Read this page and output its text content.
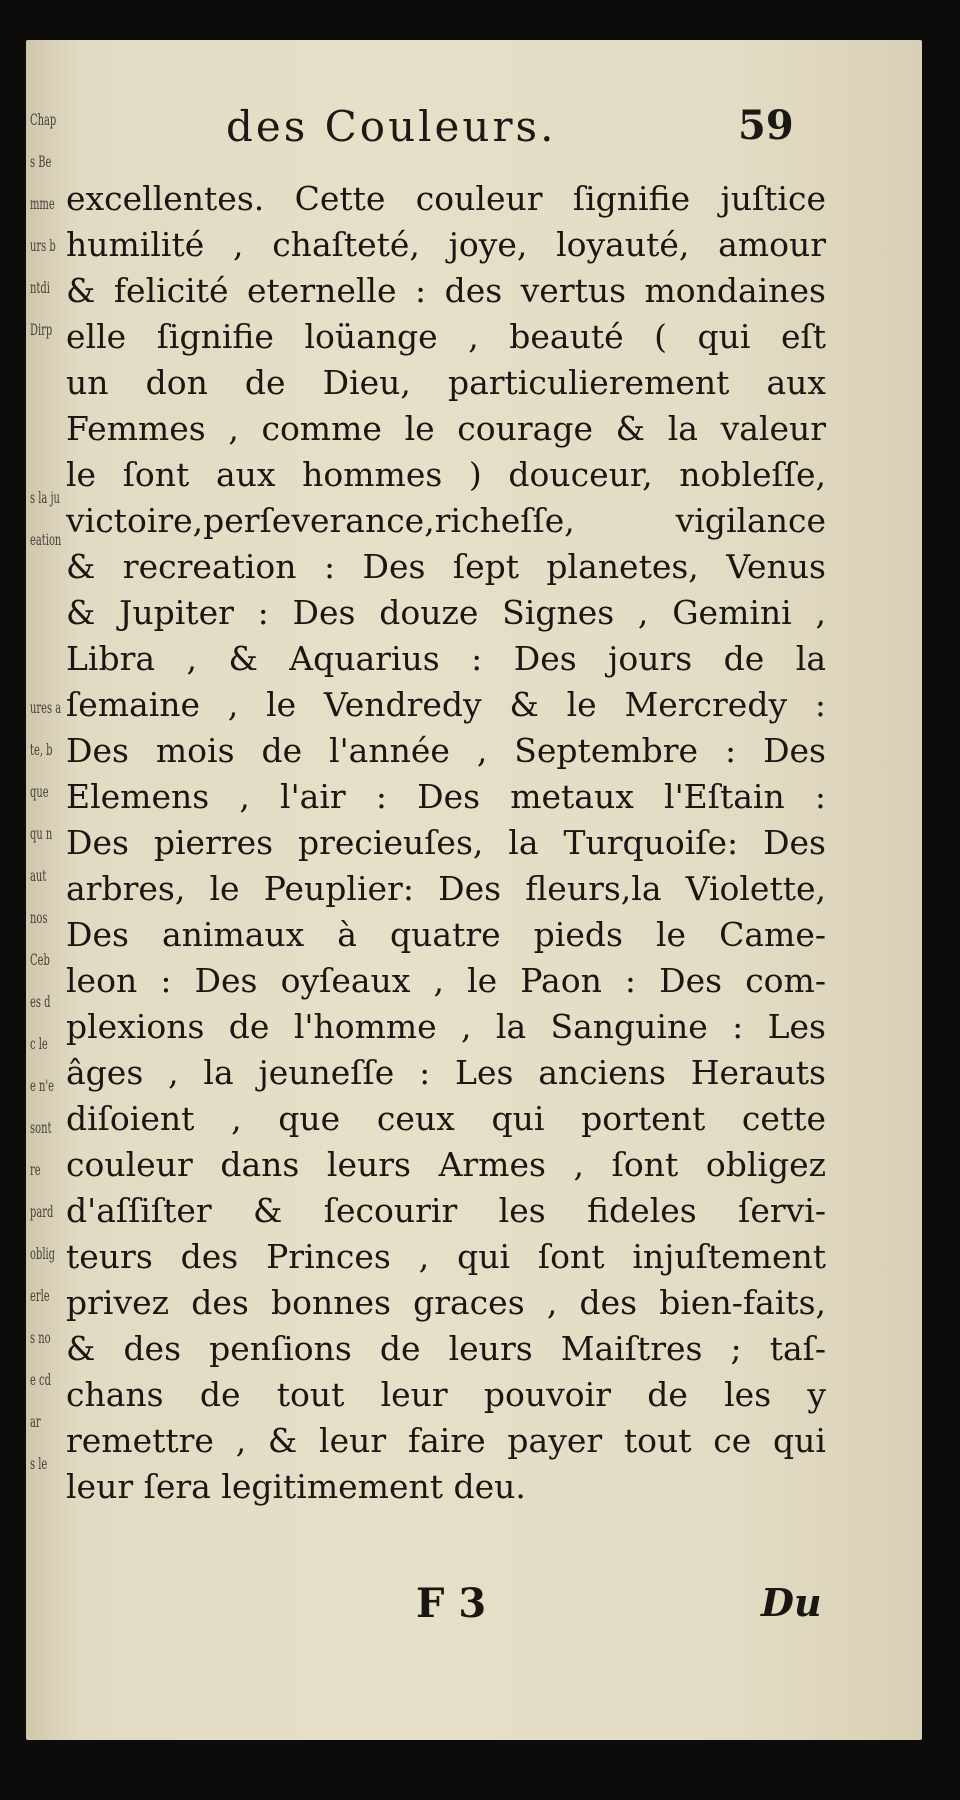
Chap
s Be
mme
urs b
ntdi
Dirp
s la ju
eation
ures a
te, b
que
qu n
aut
nos
Ceb
es d
c le
e n'e
sont
re
pard
oblig
erle
s no
e cd
ar
s le
des Couleurs.	59
excellentes. Cette couleur ſignifie juſtice
humilité , chaſteté, joye, loyauté, amour
& felicité eternelle : des vertus mondaines
elle ſignifie loüange , beauté ( qui eſt
un don de Dieu, particulierement aux
Femmes , comme le courage & la valeur
le ſont aux hommes ) douceur, nobleſſe,
victoire,perſeverance,richeſſe, vigilance
& recreation : Des ſept planetes, Venus
& Jupiter : Des douze Signes , Gemini ,
Libra , & Aquarius : Des jours de la
ſemaine , le Vendredy & le Mercredy :
Des mois de l'année , Septembre : Des
Elemens , l'air : Des metaux l'Eſtain :
Des pierres precieuſes, la Turquoiſe: Des
arbres, le Peuplier: Des fleurs,la Violette,
Des animaux à quatre pieds le Came-
leon : Des oyſeaux , le Paon : Des com-
plexions de l'homme , la Sanguine : Les
âges , la jeuneſſe : Les anciens Herauts
diſoient , que ceux qui portent cette
couleur dans leurs Armes , ſont obligez
d'aſſiſter & ſecourir les fideles ſervi-
teurs des Princes , qui ſont injuſtement
privez des bonnes graces , des bien-faits,
& des penſions de leurs Maiſtres ; taſ-
chans de tout leur pouvoir de les y
remettre , & leur faire payer tout ce qui
leur ſera legitimement deu.
F 3	Du
